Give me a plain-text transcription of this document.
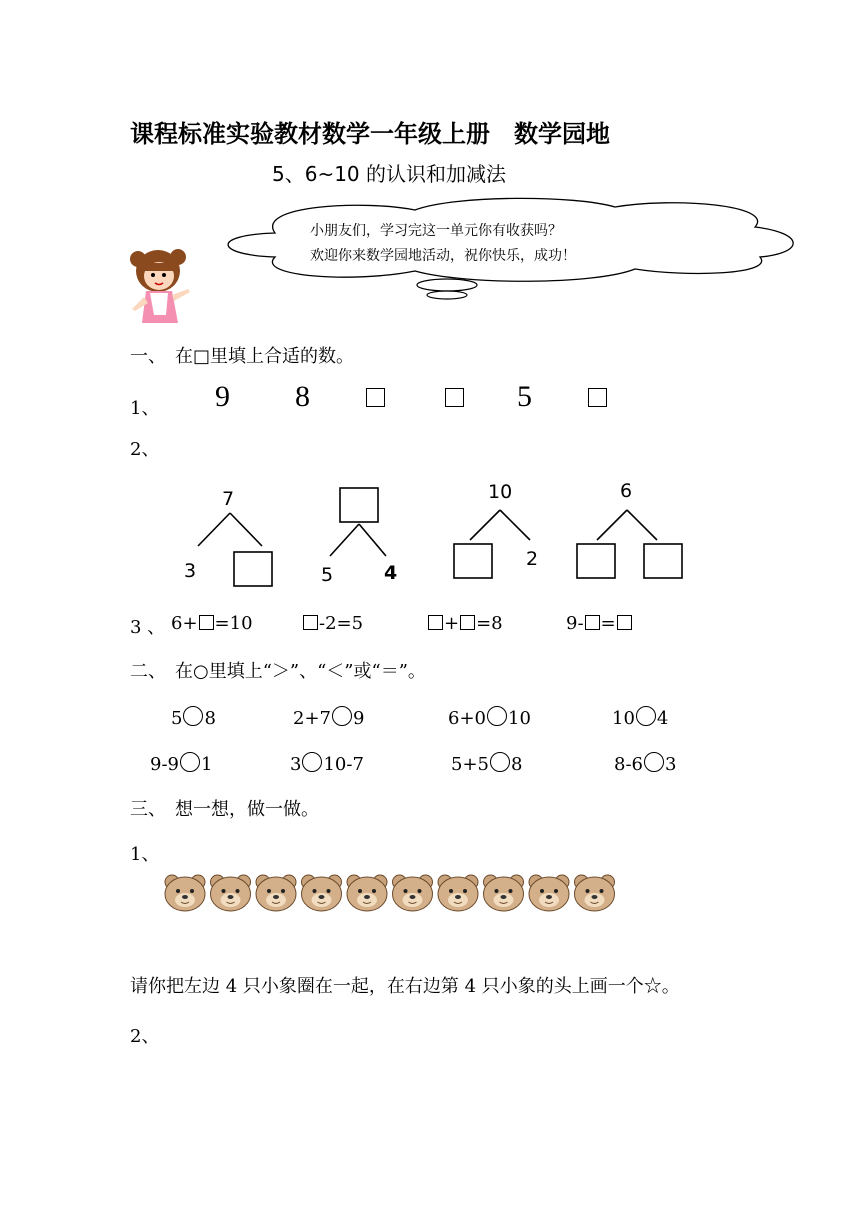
课程标准实验教材数学一年级上册　数学园地
5、6~10 的认识和加减法
小朋友们，学习完这一单元你有收获吗？
欢迎你来数学园地活动，祝你快乐，成功！
一、　在□里填上合适的数。
1、 9 8	5
2、
7
3	5	4
10
2
6
3 、 6+ =10	-2=5	+ =8	9- =
二、　在○里填上“＞”、“＜”或“＝”。
5 8	2+7 9	6+0 10	10 4
9-9 1	3 10-7	5+5 8	8-6 3
三、　想一想，做一做。
1、
请你把左边 4 只小象圈在一起，在右边第 4 只小象的头上画一个☆。
2、
